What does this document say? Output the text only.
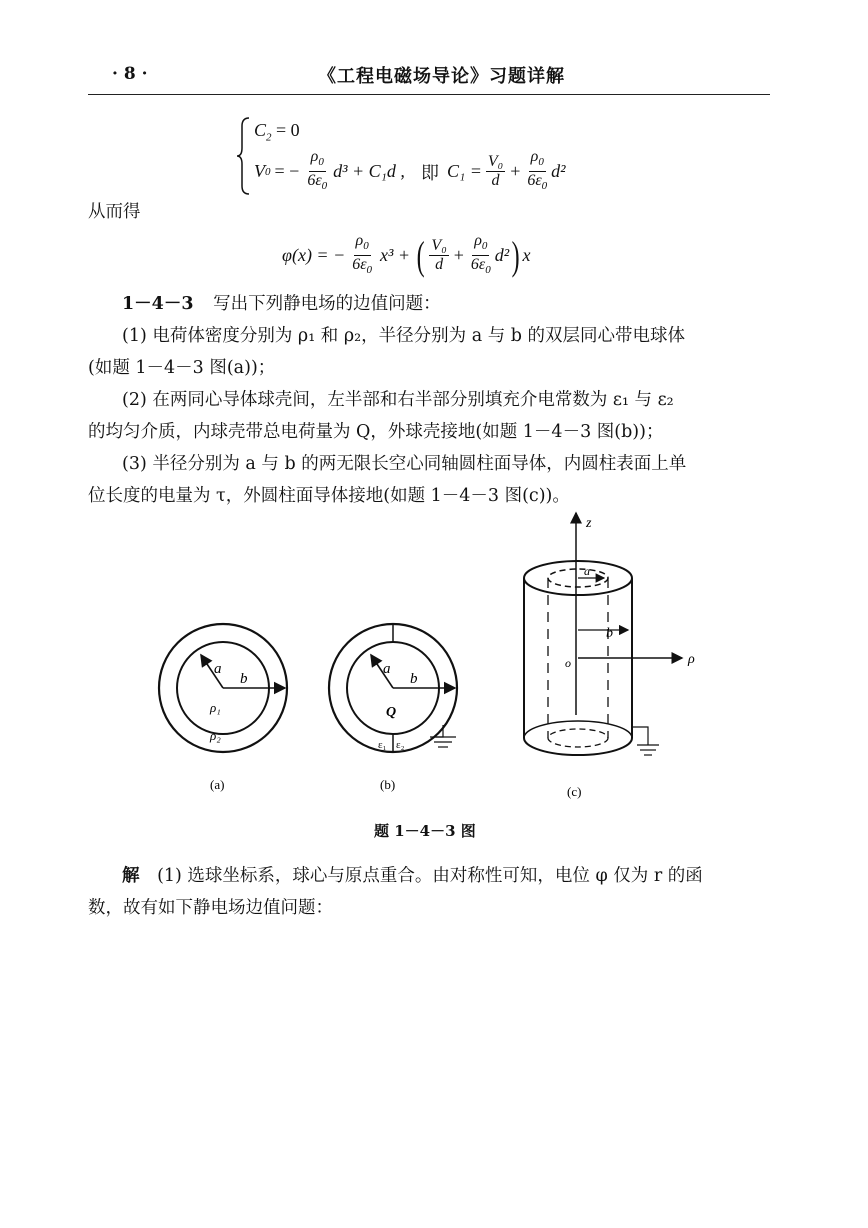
· 8 ·	《工程电磁场导论》习题详解
$C_2 = 0$
V 0 = − $\frac{\rho_0}{6\varepsilon_0} d^3 + C_1d$ , 即 $C_1 = \frac{\text{V₀}}{d} + \frac{\rho_0}{6\varepsilon_0} d^2$
从而得
φ(x) = − $\frac{\rho_0}{6\varepsilon_0} x^3$ + ( $\frac{\text{V₀}}{d} + \frac{\rho_0}{6\varepsilon_0} d^2$ ) x
1－4－3 写出下列静电场的边值问题：
(1) 电荷体密度分别为 ρ₁ 和 ρ₂，半径分别为 a 与 b 的双层同心带电球体
(如题 1－4－3 图(a))；
(2) 在两同心导体球壳间，左半部和右半部分别填充介电常数为 ε₁ 与 ε₂
的均匀介质，内球壳带总电荷量为 Q，外球壳接地(如题 1－4－3 图(b))；
(3) 半径分别为 a 与 b 的两无限长空心同轴圆柱面导体，内圆柱表面上单
位长度的电量为 τ，外圆柱面导体接地(如题 1－4－3 图(c))。
a
b
ρ₁
ρ₂
(a)
a
b
Q
ε₁ ε₂
(b)
z
a
b
ρ
o
(c)
题 1－4－3 图
解 (1) 选球坐标系，球心与原点重合。由对称性可知，电位 φ 仅为 r 的函
数，故有如下静电场边值问题：
